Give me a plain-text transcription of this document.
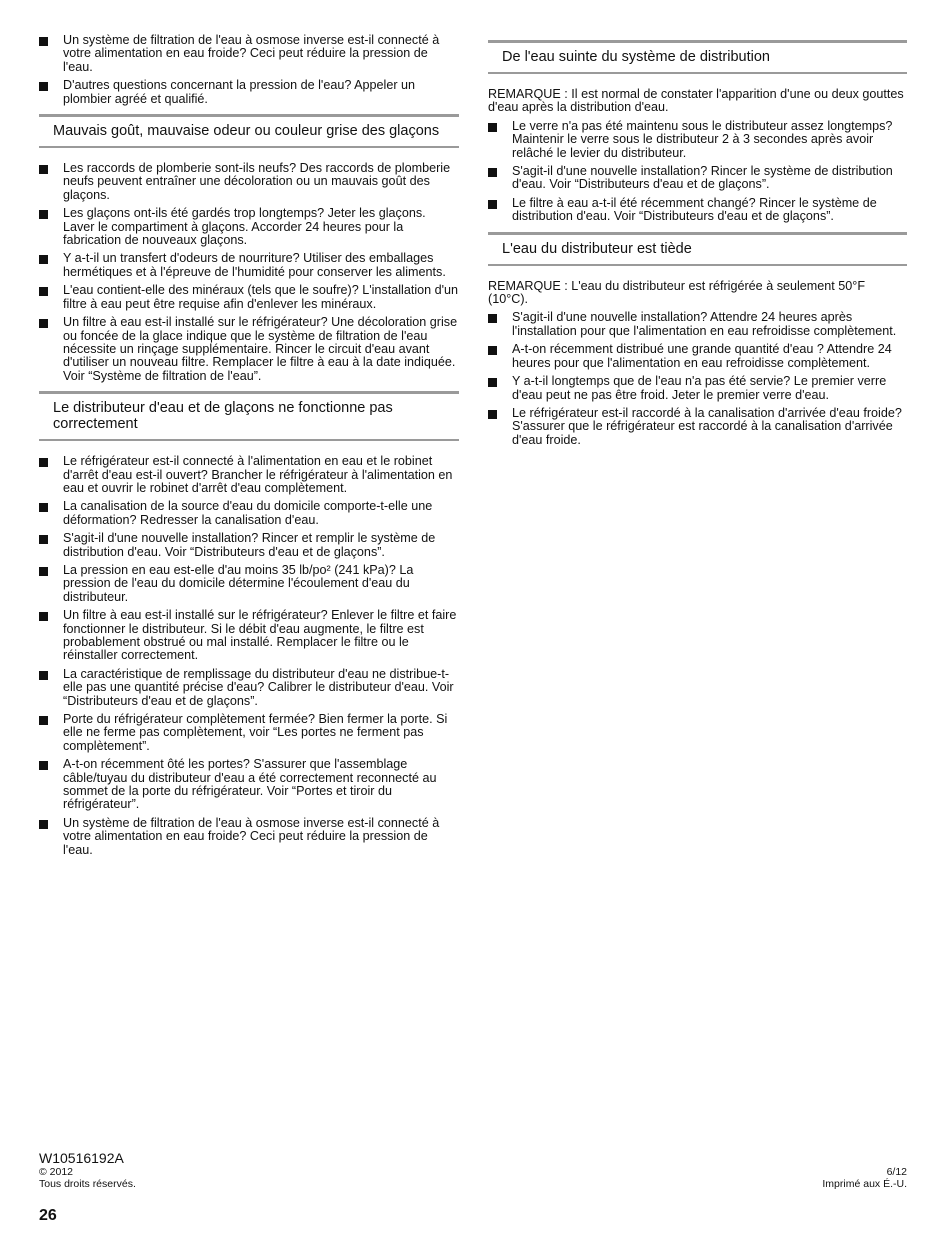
Un système de filtration de l'eau à osmose inverse est-il connecté à votre alimentation en eau froide? Ceci peut réduire la pression de l'eau.
D'autres questions concernant la pression de l'eau? Appeler un plombier agréé et qualifié.
Mauvais goût, mauvaise odeur ou couleur grise des glaçons
Les raccords de plomberie sont-ils neufs? Des raccords de plomberie neufs peuvent entraîner une décoloration ou un mauvais goût des glaçons.
Les glaçons ont-ils été gardés trop longtemps? Jeter les glaçons. Laver le compartiment à glaçons. Accorder 24 heures pour la fabrication de nouveaux glaçons.
Y a-t-il un transfert d'odeurs de nourriture? Utiliser des emballages hermétiques et à l'épreuve de l'humidité pour conserver les aliments.
L'eau contient-elle des minéraux (tels que le soufre)? L'installation d'un filtre à eau peut être requise afin d'enlever les minéraux.
Un filtre à eau est-il installé sur le réfrigérateur? Une décoloration grise ou foncée de la glace indique que le système de filtration de l'eau nécessite un rinçage supplémentaire. Rincer le circuit d'eau avant d'utiliser un nouveau filtre. Remplacer le filtre à eau à la date indiquée. Voir “Système de filtration de l'eau”.
Le distributeur d'eau et de glaçons ne fonctionne pas correctement
Le réfrigérateur est-il connecté à l'alimentation en eau et le robinet d'arrêt d'eau est-il ouvert? Brancher le réfrigérateur à l'alimentation en eau et ouvrir le robinet d'arrêt d'eau complètement.
La canalisation de la source d'eau du domicile comporte-t-elle une déformation? Redresser la canalisation d'eau.
S'agit-il d'une nouvelle installation? Rincer et remplir le système de distribution d'eau. Voir “Distributeurs d'eau et de glaçons”.
La pression en eau est-elle d'au moins 35 lb/po² (241 kPa)? La pression de l'eau du domicile détermine l'écoulement d'eau du distributeur.
Un filtre à eau est-il installé sur le réfrigérateur? Enlever le filtre et faire fonctionner le distributeur. Si le débit d'eau augmente, le filtre est probablement obstrué ou mal installé. Remplacer le filtre ou le réinstaller correctement.
La caractéristique de remplissage du distributeur d'eau ne distribue-t-elle pas une quantité précise d'eau? Calibrer le distributeur d'eau. Voir “Distributeurs d'eau et de glaçons”.
Porte du réfrigérateur complètement fermée? Bien fermer la porte. Si elle ne ferme pas complètement, voir “Les portes ne ferment pas complètement”.
A-t-on récemment ôté les portes? S'assurer que l'assemblage câble/tuyau du distributeur d'eau a été correctement reconnecté au sommet de la porte du réfrigérateur. Voir “Portes et tiroir du réfrigérateur”.
Un système de filtration de l'eau à osmose inverse est-il connecté à votre alimentation en eau froide? Ceci peut réduire la pression de l'eau.
De l'eau suinte du système de distribution
REMARQUE : Il est normal de constater l'apparition d'une ou deux gouttes d'eau après la distribution d'eau.
Le verre n'a pas été maintenu sous le distributeur assez longtemps? Maintenir le verre sous le distributeur 2 à 3 secondes après avoir relâché le levier du distributeur.
S'agit-il d'une nouvelle installation? Rincer le système de distribution d'eau. Voir “Distributeurs d'eau et de glaçons”.
Le filtre à eau a-t-il été récemment changé? Rincer le système de distribution d'eau. Voir “Distributeurs d'eau et de glaçons”.
L'eau du distributeur est tiède
REMARQUE : L'eau du distributeur est réfrigérée à seulement 50°F (10°C).
S'agit-il d'une nouvelle installation? Attendre 24 heures après l'installation pour que l'alimentation en eau refroidisse complètement.
A-t-on récemment distribué une grande quantité d'eau ? Attendre 24 heures pour que l'alimentation en eau refroidisse complètement.
Y a-t-il longtemps que de l'eau n'a pas été servie? Le premier verre d'eau peut ne pas être froid. Jeter le premier verre d'eau.
Le réfrigérateur est-il raccordé à la canalisation d'arrivée d'eau froide? S'assurer que le réfrigérateur est raccordé à la canalisation d'arrivée d'eau froide.
W10516192A
© 2012
Tous droits réservés.
6/12
Imprimé aux É.-U.
26
